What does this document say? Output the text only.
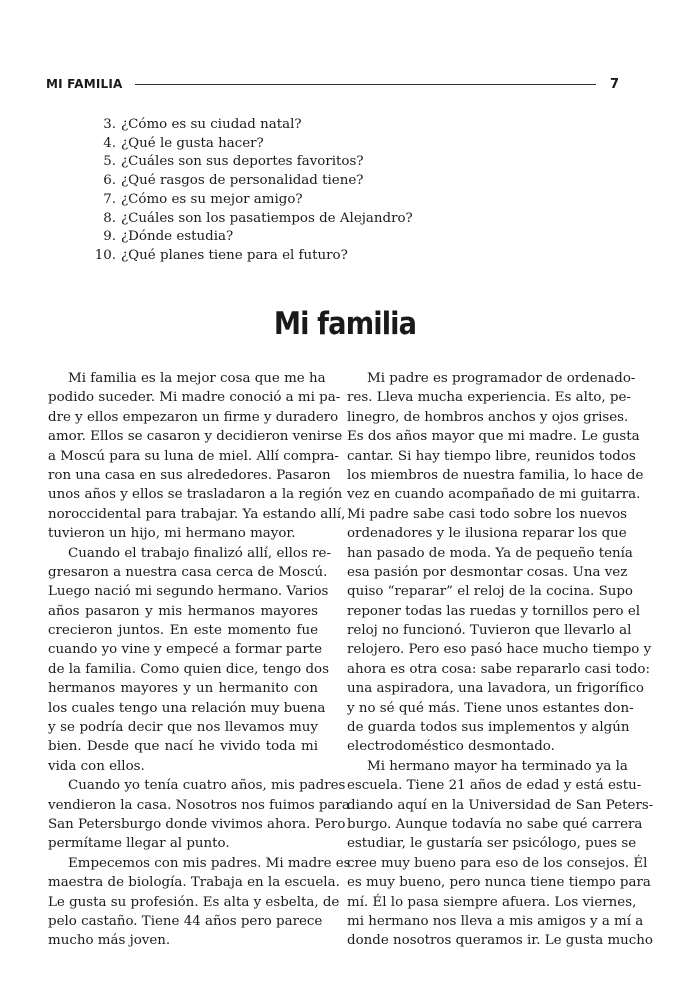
MI FAMILIA	7
3. ¿Cómo es su ciudad natal?
4. ¿Qué le gusta hacer?
5. ¿Cuáles son sus deportes favoritos?
6. ¿Qué rasgos de personalidad tiene?
7. ¿Cómo es su mejor amigo?
8. ¿Cuáles son los pasatiempos de Alejandro?
9. ¿Dónde estudia?
10. ¿Qué planes tiene para el futuro?
Mi familia
Mi familia es la mejor cosa que me ha
podido suceder. Mi madre conoció a mi pa-
dre y ellos empezaron un firme y duradero
amor. Ellos se casaron y decidieron venirse
a Moscú para su luna de miel. Allí compra-
ron una casa en sus alrededores. Pasaron
unos años y ellos se trasladaron a la región
noroccidental para trabajar. Ya estando allí,
tuvieron un hijo, mi hermano mayor.
Cuando el trabajo finalizó allí, ellos re-
gresaron a nuestra casa cerca de Moscú.
Luego nació mi segundo hermano. Varios
años pasaron y mis hermanos mayores
crecieron juntos. En este momento fue
cuando yo vine y empecé a formar parte
de la familia. Como quien dice, tengo dos
hermanos mayores y un hermanito con
los cuales tengo una relación muy buena
y se podría decir que nos llevamos muy
bien. Desde que nací he vivido toda mi
vida con ellos.
Cuando yo tenía cuatro años, mis padres
vendieron la casa. Nosotros nos fuimos para
San Petersburgo donde vivimos ahora. Pero
permítame llegar al punto.
Empecemos con mis padres. Mi madre es
maestra de biología. Trabaja en la escuela.
Le gusta su profesión. Es alta y esbelta, de
pelo castaño. Tiene 44 años pero parece
mucho más joven.
Mi padre es programador de ordenado-
res. Lleva mucha experiencia. Es alto, pe-
linegro, de hombros anchos y ojos grises.
Es dos años mayor que mi madre. Le gusta
cantar. Si hay tiempo libre, reunidos todos
los miembros de nuestra familia, lo hace de
vez en cuando acompañado de mi guitarra.
Mi padre sabe casi todo sobre los nuevos
ordenadores y le ilusiona reparar los que
han pasado de moda. Ya de pequeño tenía
esa pasión por desmontar cosas. Una vez
quiso “reparar” el reloj de la cocina. Supo
reponer todas las ruedas y tornillos pero el
reloj no funcionó. Tuvieron que llevarlo al
relojero. Pero eso pasó hace mucho tiempo y
ahora es otra cosa: sabe repararlo casi todo:
una aspiradora, una lavadora, un frigorífico
y no sé qué más. Tiene unos estantes don-
de guarda todos sus implementos y algún
electrodoméstico desmontado.
Mi hermano mayor ha terminado ya la
escuela. Tiene 21 años de edad y está estu-
diando aquí en la Universidad de San Peters-
burgo. Aunque todavía no sabe qué carrera
estudiar, le gustaría ser psicólogo, pues se
cree muy bueno para eso de los consejos. Él
es muy bueno, pero nunca tiene tiempo para
mí. Él lo pasa siempre afuera. Los viernes,
mi hermano nos lleva a mis amigos y a mí a
donde nosotros queramos ir. Le gusta mucho
